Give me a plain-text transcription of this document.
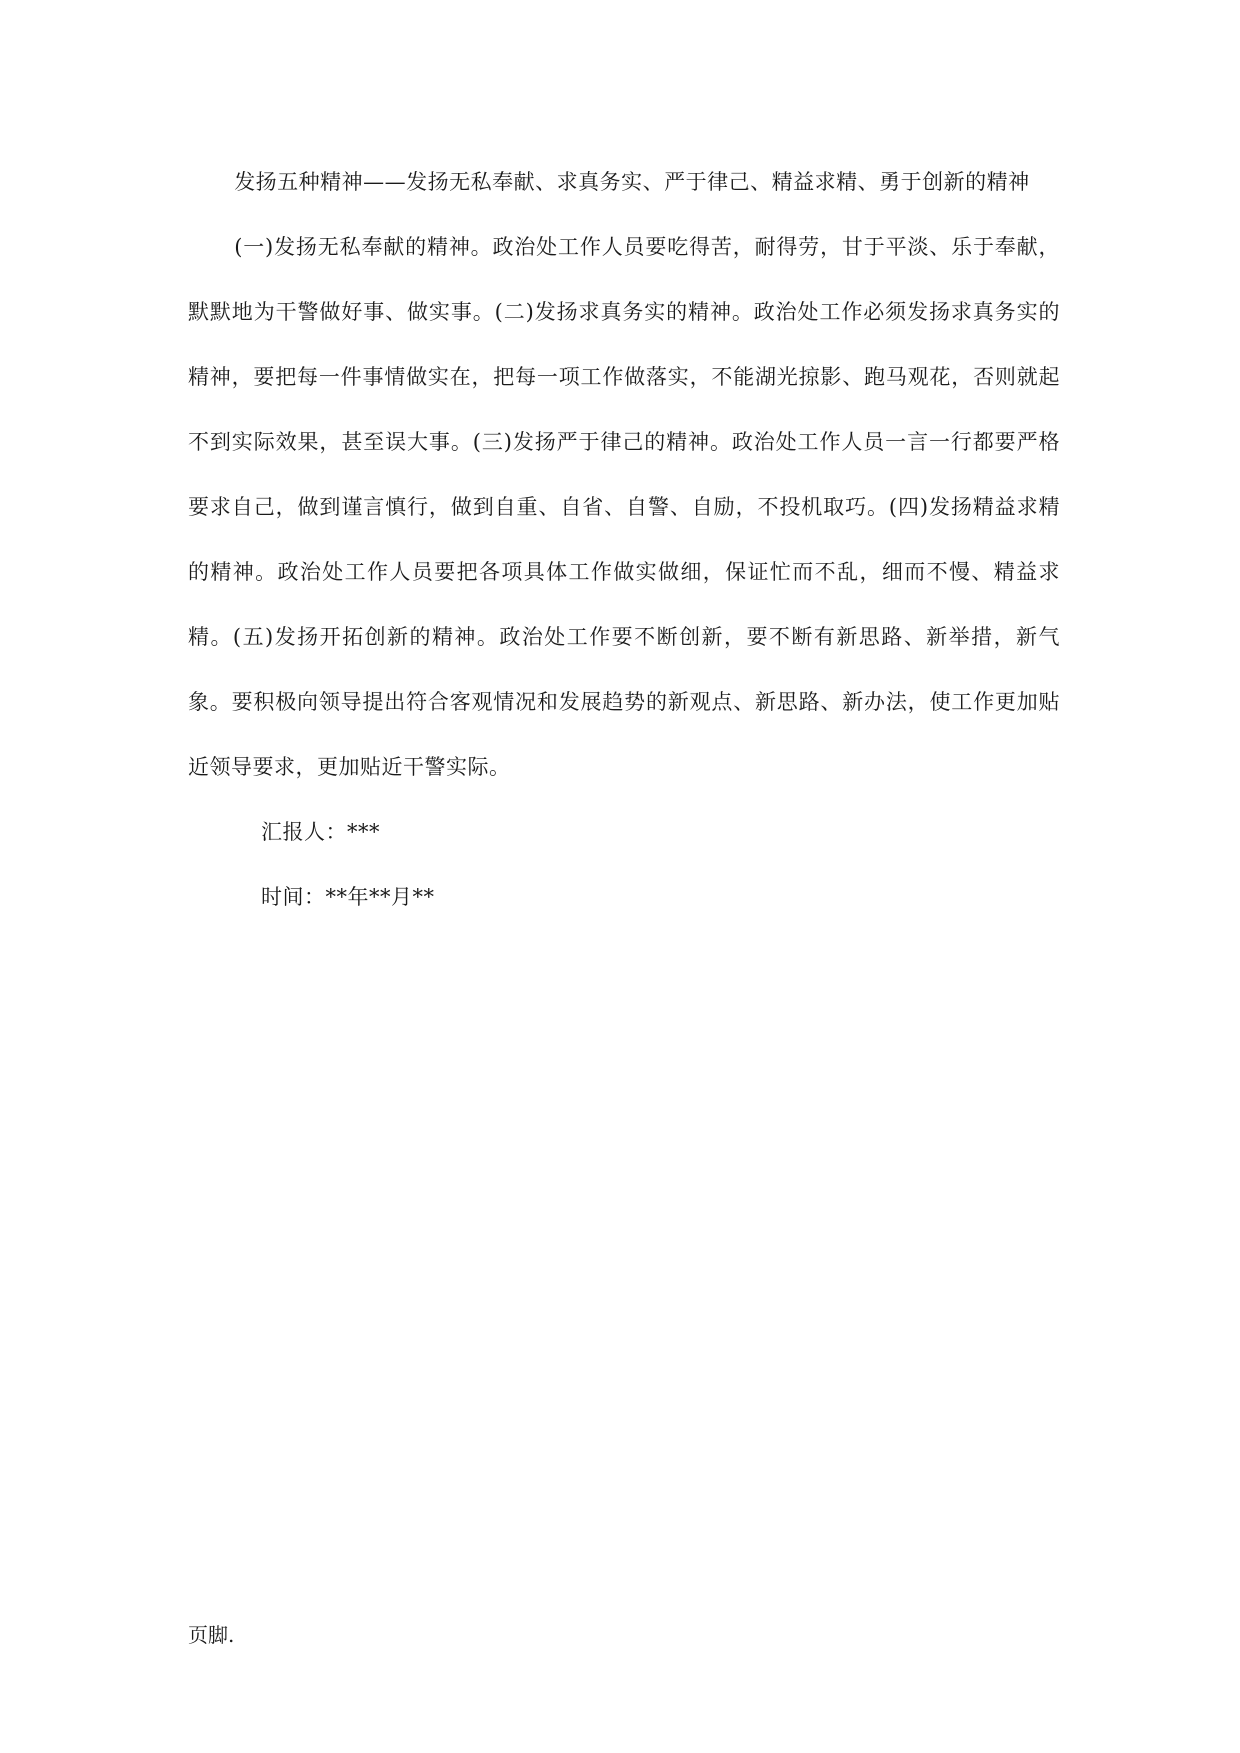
发扬五种精神——发扬无私奉献、求真务实、严于律己、精益求精、勇于创新的精神

(一)发扬无私奉献的精神。政治处工作人员要吃得苦，耐得劳，甘于平淡、乐于奉献，默默地为干警做好事、做实事。(二)发扬求真务实的精神。政治处工作必须发扬求真务实的精神，要把每一件事情做实在，把每一项工作做落实，不能湖光掠影、跑马观花，否则就起不到实际效果，甚至误大事。(三)发扬严于律己的精神。政治处工作人员一言一行都要严格要求自己，做到谨言慎行，做到自重、自省、自警、自励，不投机取巧。(四)发扬精益求精的精神。政治处工作人员要把各项具体工作做实做细，保证忙而不乱，细而不慢、精益求精。(五)发扬开拓创新的精神。政治处工作要不断创新，要不断有新思路、新举措，新气象。要积极向领导提出符合客观情况和发展趋势的新观点、新思路、新办法，使工作更加贴近领导要求，更加贴近干警实际。

汇报人：***

时间：**年**月**

页脚.
